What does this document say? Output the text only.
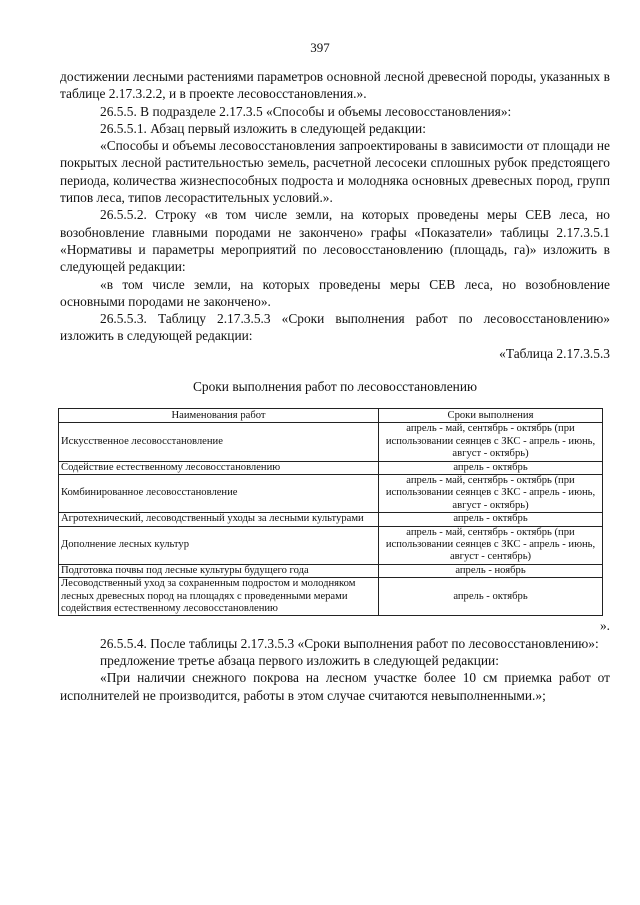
397

достижении лесными растениями параметров основной лесной древесной породы, указанных в таблице 2.17.3.2.2, и в проекте лесовосстановления.».

26.5.5. В подразделе 2.17.3.5 «Способы и объемы лесовосстановления»:

26.5.5.1. Абзац первый изложить в следующей редакции:

«Способы и объемы лесовосстановления запроектированы в зависимости от площади не покрытых лесной растительностью земель, расчетной лесосеки сплошных рубок предстоящего периода, количества жизнеспособных подроста и молодняка основных древесных пород, групп типов леса, типов лесорастительных условий.».

26.5.5.2. Строку «в том числе земли, на которых проведены меры СЕВ леса, но возобновление главными породами не закончено» графы «Показатели» таблицы 2.17.3.5.1 «Нормативы и параметры мероприятий по лесовосстановлению (площадь, га)» изложить в следующей редакции:

«в том числе земли, на которых проведены меры СЕВ леса, но возобновление основными породами не закончено».

26.5.5.3. Таблицу 2.17.3.5.3 «Сроки выполнения работ по лесовосстановлению» изложить в следующей редакции:

«Таблица 2.17.3.5.3

Сроки выполнения работ по лесовосстановлению

Наименования работ	Сроки выполнения
Искусственное лесовосстановление	апрель - май, сентябрь - октябрь (при использовании сеянцев с ЗКС - апрель - июнь, август - октябрь)
Содействие естественному лесовосстановлению	апрель - октябрь
Комбинированное лесовосстановление	апрель - май, сентябрь - октябрь (при использовании сеянцев с ЗКС - апрель - июнь, август - октябрь)
Агротехнический, лесоводственный уходы за лесными культурами	апрель - октябрь
Дополнение лесных культур	апрель - май, сентябрь - октябрь (при использовании сеянцев с ЗКС - апрель - июнь, август - сентябрь)
Подготовка почвы под лесные культуры будущего года	апрель - ноябрь
Лесоводственный уход за сохраненным подростом и молодняком лесных древесных пород на площадях с проведенными мерами содействия естественному лесовосстановлению	апрель - октябрь

».

26.5.5.4. После таблицы 2.17.3.5.3 «Сроки выполнения работ по лесовосстановлению»:

предложение третье абзаца первого изложить в следующей редакции:

«При наличии снежного покрова на лесном участке более 10 см приемка работ от исполнителей не производится, работы в этом случае считаются невыполненными.»;
